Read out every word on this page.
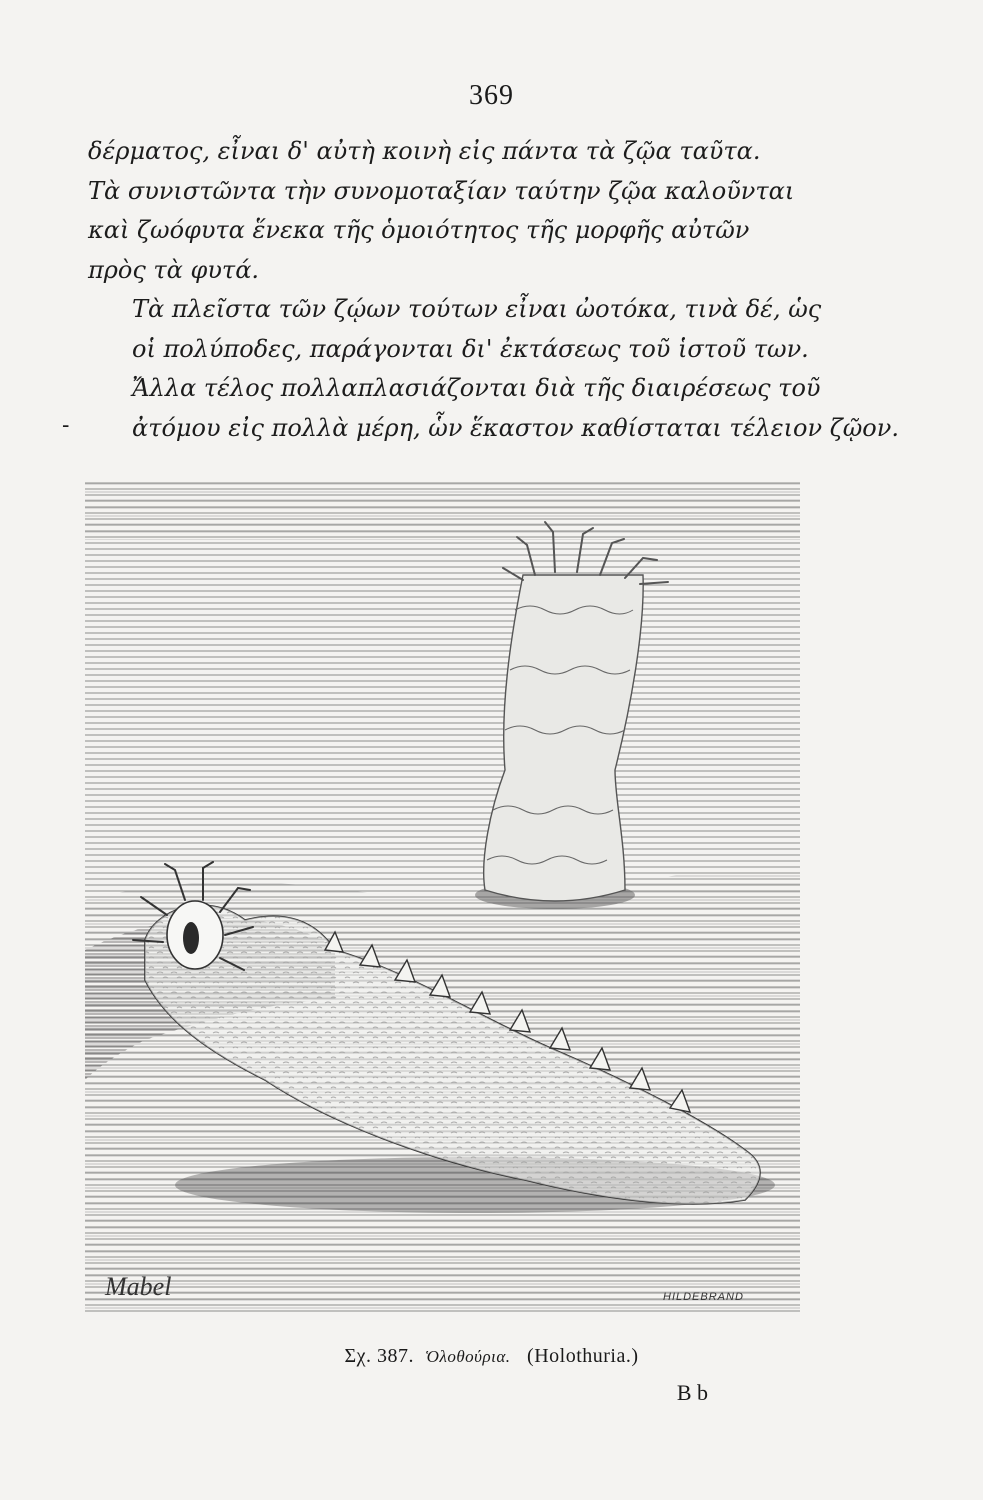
369

δέρματος, εἶναι δ' αὐτὴ κοινὴ εἰς πάντα τὰ ζῷα ταῦτα.
Τὰ συνιστῶντα τὴν συνομοταξίαν ταύτην ζῷα καλοῦνται
καὶ ζωόφυτα ἕνεκα τῆς ὁμοιότητος τῆς μορφῆς αὐτῶν
πρὸς τὰ φυτά.

Τὰ πλεῖστα τῶν ζῴων τούτων εἶναι ὠοτόκα, τινὰ δέ, ὡς
οἱ πολύποδες, παράγονται δι' ἐκτάσεως τοῦ ἱστοῦ των.
Ἄλλα τέλος πολλαπλασιάζονται διὰ τῆς διαιρέσεως τοῦ
ἀτόμου εἰς πολλὰ μέρη, ὧν ἕκαστον καθίσταται τέλειον ζῷον.

-
Mabel	HILDEBRAND
Σχ. 387. Ὁλοθούρια. (Holothuria.)
B b
